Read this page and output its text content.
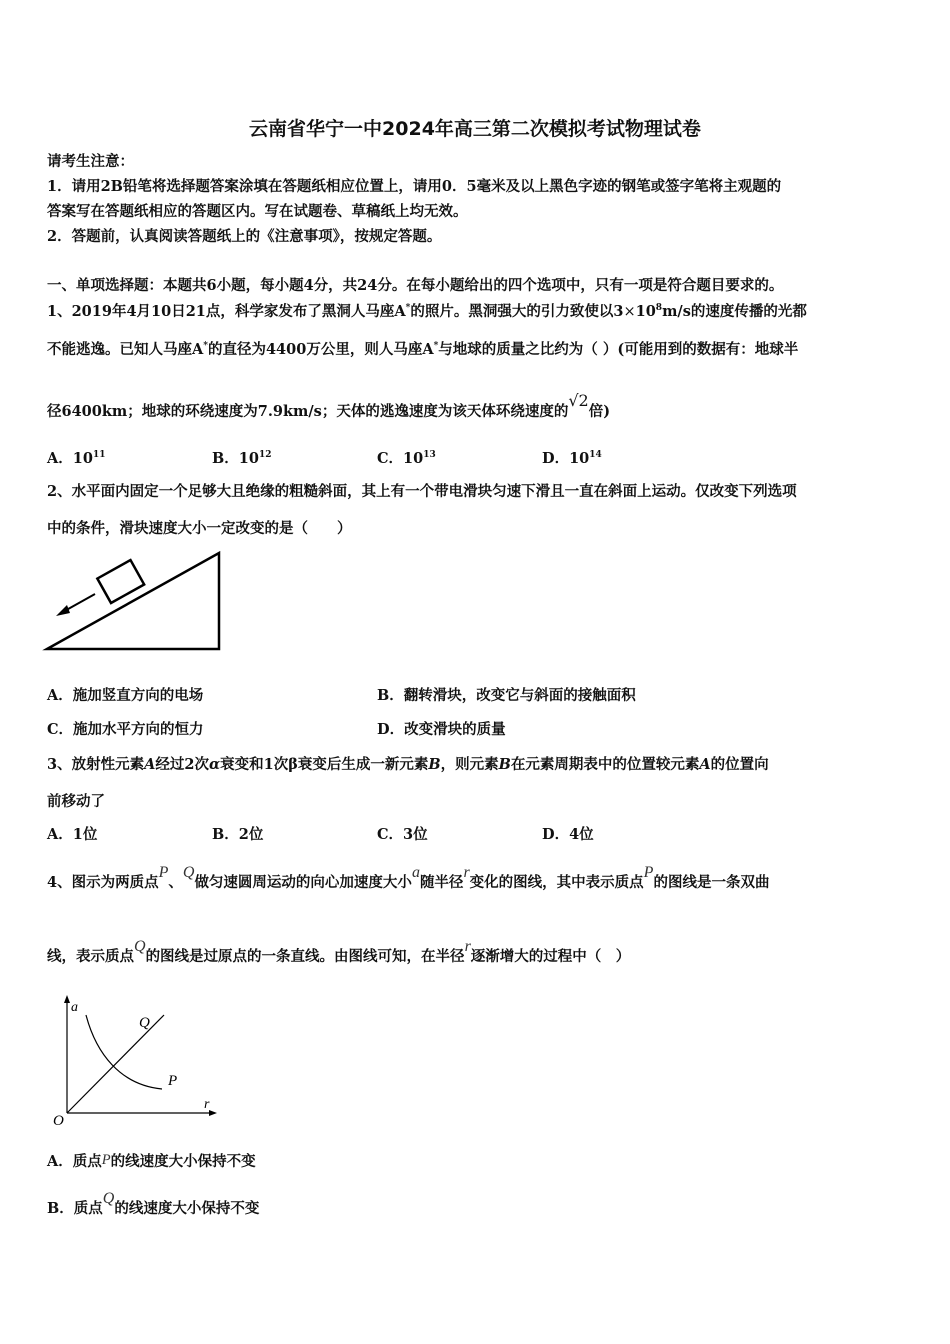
云南省华宁一中2024年高三第二次模拟考试物理试卷
请考生注意：
1．请用2B铅笔将选择题答案涂填在答题纸相应位置上，请用0．5毫米及以上黑色字迹的钢笔或签字笔将主观题的
答案写在答题纸相应的答题区内。写在试题卷、草稿纸上均无效。
2．答题前，认真阅读答题纸上的《注意事项》，按规定答题。
一、单项选择题：本题共6小题，每小题4分，共24分。在每小题给出的四个选项中，只有一项是符合题目要求的。
1、2019年4月10日21点，科学家发布了黑洞人马座A*的照片。黑洞强大的引力致使以$3\times 10^8m/s$的速度传播的光都
不能逃逸。已知人马座A*的直径为4400万公里，则人马座A*与地球的质量之比约为（ ）(可能用到的数据有：地球半
径6400km；地球的环绕速度为7.9km/s；天体的逃逸速度为该天体环绕速度的√2倍)
A．$10^{11}$	B．$10^{12}$	C．$10^{13}$	D．$10^{14}$
2、水平面内固定一个足够大且绝缘的粗糙斜面，其上有一个带电滑块匀速下滑且一直在斜面上运动。仅改变下列选项
中的条件，滑块速度大小一定改变的是（　　）
A．施加竖直方向的电场	B．翻转滑块，改变它与斜面的接触面积
C．施加水平方向的恒力	D．改变滑块的质量
3、放射性元素A经过2次α衰变和1次β衰变后生成一新元素B，则元素B在元素周期表中的位置较元素A的位置向
前移动了
A．1位	B．2位	C．3位	D．4位
4、图示为两质点P、Q做匀速圆周运动的向心加速度大小a随半径r变化的图线，其中表示质点P的图线是一条双曲
线，表示质点Q的图线是过原点的一条直线。由图线可知，在半径r逐渐增大的过程中（　）
a
r
O
Q
P
A．质点P的线速度大小保持不变
B．质点Q的线速度大小保持不变
